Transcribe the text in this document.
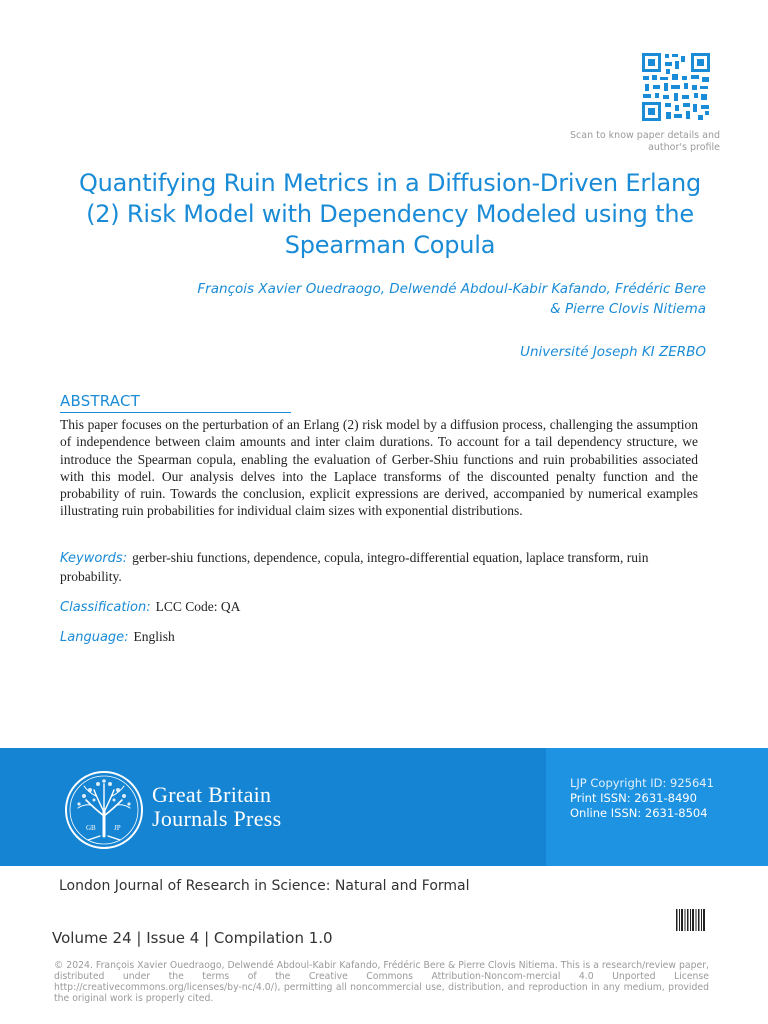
Scan to know paper details and author's profile
Quantifying Ruin Metrics in a Diffusion-Driven Erlang (2) Risk Model with Dependency Modeled using the Spearman Copula
François Xavier Ouedraogo, Delwendé Abdoul-Kabir Kafando, Frédéric Bere
& Pierre Clovis Nitiema
Université Joseph KI ZERBO
ABSTRACT

This paper focuses on the perturbation of an Erlang (2) risk model by a diffusion process, challenging the assumption of independence between claim amounts and inter claim durations. To account for a tail dependency structure, we introduce the Spearman copula, enabling the evaluation of Gerber-Shiu functions and ruin probabilities associated with this model. Our analysis delves into the Laplace transforms of the discounted penalty function and the probability of ruin. Towards the conclusion, explicit expressions are derived, accompanied by numerical examples illustrating ruin probabilities for individual claim sizes with exponential distributions.

Keywords: gerber-shiu functions, dependence, copula, integro-differential equation, laplace transform, ruin probability.
Classification: LCC Code: QA
Language: English
GB	JP
Great Britain
Journals Press
LJP Copyright ID: 925641
Print ISSN: 2631-8490
Online ISSN: 2631-8504
London Journal of Research in Science: Natural and Formal
Volume 24 | Issue 4 | Compilation 1.0

© 2024. François Xavier Ouedraogo, Delwendé Abdoul-Kabir Kafando, Frédéric Bere & Pierre Clovis Nitiema. This is a research/review paper, distributed under the terms of the Creative Commons Attribution-Noncom-mercial 4.0 Unported License http://creativecommons.org/licenses/by-nc/4.0/), permitting all noncommercial use, distribution, and reproduction in any medium, provided the original work is properly cited.
